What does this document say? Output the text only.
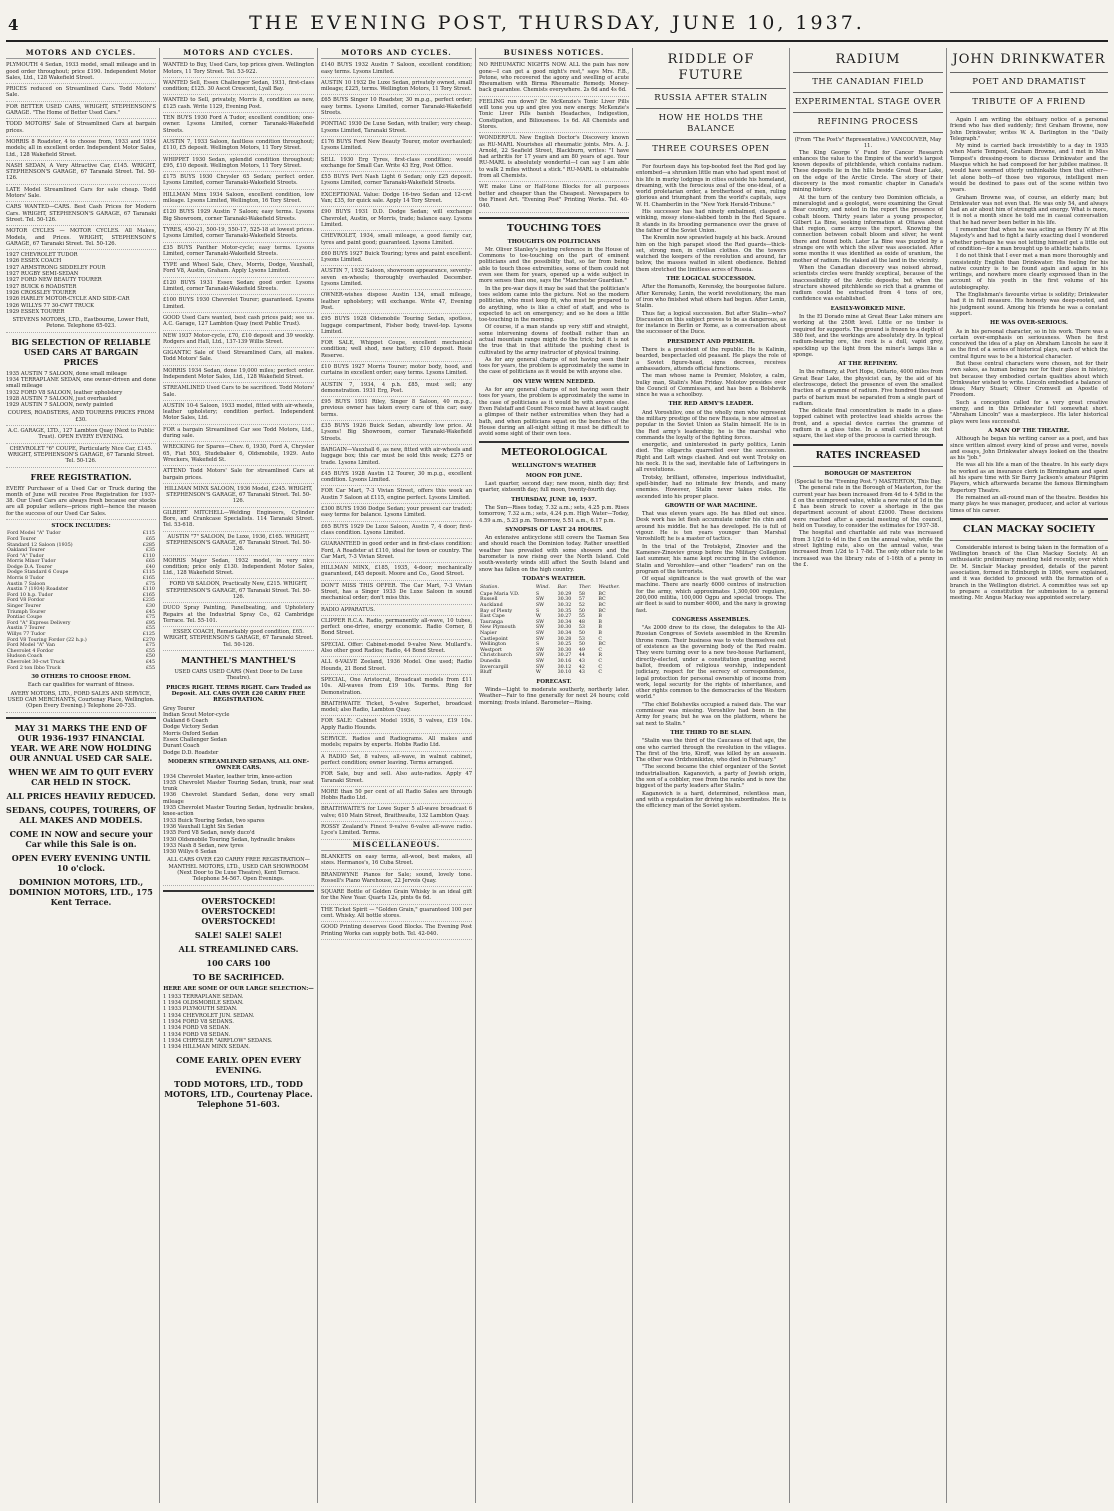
4	THE EVENING POST, THURSDAY, JUNE 10, 1937.
MOTORS AND CYCLES.
PLYMOUTH 4 Sedan, 1933 model, small mileage and in good order throughout; price £190. Independent Motor Sales, Ltd., 128 Wakefield Street.
PRICES reduced on Streamlined Cars. Todd Motors' Sale.
FOR BETTER USED CARS, WRIGHT, STEPHENSON'S GARAGE. "The Home of Better Used Cars."
TODD MOTORS' Sale of Streamlined Cars at bargain prices.
MORRIS 8 Roadster, 4 to choose from, 1933 and 1934 models; all in excellent order. Independent Motor Sales, Ltd., 128 Wakefield Street.
NASH SEDAN, A Very Attractive Car, £145. WRIGHT, STEPHENSON'S GARAGE, 67 Taranaki Street. Tel. 50-126.
LATE Model Streamlined Cars for sale cheap. Todd Motors' Sale.
CARS WANTED—CARS. Best Cash Prices for Modern Cars. WRIGHT, STEPHENSON'S GARAGE, 67 Taranaki Street. Tel. 50-126.
MOTOR CYCLES — MOTOR CYCLES. All Makes, Models, and Prices. WRIGHT, STEPHENSON'S GARAGE, 67 Taranaki Street. Tel. 50-126.
1927 CHEVROLET TUDOR
1926 ESSEX COACH
1927 ARMSTRONG SIDDELEY FOUR
1927 RUGBY SEMI-SEDAN
1927 FORD NEW BEAUTY TOURER
1927 BUICK 6 ROADSTER
1926 CROSSLEY TOURER
1926 HARLEY MOTOR-CYCLE AND SIDE-CAR
1926 WILLYS 77 30-CWT TRUCK
1929 ESSEX TOURER
STEVENS MOTORS, LTD., Eastbourne, Lower Hutt, Petone. Telephone 65-023.
BIG SELECTION OF RELIABLE USED CARS AT BARGAIN PRICES
1935 AUSTIN 7 SALOON, done small mileage
1934 TERRAPLANE SEDAN, one owner-driven and done small mileage
1932 FORD V8 SALOON, leather upholstery
1928 AUSTIN 7 SALOON, just overhauled
1929 AUSTIN 7 SALOON, newly painted
COUPES, ROADSTERS, AND TOURERS PRICES FROM £30.
A.C. GARAGE, LTD., 127 Lambton Quay (Next to Public Trust). OPEN EVERY EVENING.
CHEVROLET "6" COUPE, Particularly Nice Car, £145. WRIGHT, STEPHENSON'S GARAGE, 67 Taranki Street. Tel. 50-126.
FREE REGISTRATION.
EVERY Purchaser of a Used Car or Truck during the month of June will receive Free Registration for 1937-38. Our Used Cars are always fresh because our stocks are all popular sellers—prices right—hence the reason for the success of our Used Car Sales.
STOCK INCLUDES:
Ford Model "A" Tudor	£115
Ford Tourer	£65
Standard 12 Saloon (1935)	£285
Oakland Tourer	£35
Ford "A" Tudor	£110
Morris Minor Tudor	£65
Dodge D.A. Tourer	£40
Dodge Standard 6 Coupe	£115
Morris 8 Tudor	£165
Austin 7 Saloon	£75
Austin 7 (1934) Roadster	£110
Ford 10 h.p. Tudor	£165
Ford V8 Fordor	£235
Singer Tourer	£30
Triumph Tourer	£45
Pontiac Coupe	£75
Ford "A" Express Delivery	£95
Austin 7 Tourer	£55
Willys 77 Tudor	£125
Ford V8 Touring Fordor (22 h.p.)	£270
Ford Model "A" Van	£75
Chevrolet 4 Fordor	£55
Hudson Coach	£50
Chevrolet 30-cwt Truck	£45
Ford 2 ton Ibbo Truck	£55
30 OTHERS TO CHOOSE FROM.
Each car qualifies for warrant of fitness.
AVERY MOTORS, LTD., FORD SALES AND SERVICE, USED CAR MERCHANTS, Courtenay Place, Wellington. (Open Every Evening.) Telephone 20-735.
MAY 31 MARKS THE END OF OUR 1936-1937 FINANCIAL YEAR. WE ARE NOW HOLDING OUR ANNUAL USED CAR SALE.
WHEN WE AIM TO QUIT EVERY CAR HELD IN STOCK.
ALL PRICES HEAVILY REDUCED.
SEDANS, COUPES, TOURERS, OF ALL MAKES AND MODELS.
COME IN NOW and secure your Car while this Sale is on.
OPEN EVERY EVENING UNTIL 10 o'clock.
DOMINION MOTORS, LTD., DOMINION MOTORS, LTD., 175 Kent Terrace.
MOTORS AND CYCLES.
WANTED to Buy, Used Cars, top prices given. Wellington Motors, 11 Tory Street. Tel. 53-922.
WANTED Sell, Essex Challenger Sedan, 1931, first-class condition; £125. 30 Ascot Crescent, Lyall Bay.
WANTED to Sell, privately, Morris 8, condition as new, £125 cash. Write 1129, Evening Post.
TEN BUYS 1930 Ford A Tudor, excellent condition; one-owner. Lysons Limited, corner Taranaki-Wakefield Streets.
AUSTIN 7, 1933 Saloon, faultless condition throughout; £110, £5 deposit. Wellington Motors, 11 Tory Street.
WHIPPET 1930 Sedan, splendid condition throughout; £95, £10 deposit. Wellington Motors, 11 Tory Street.
£175 BUYS 1930 Chrysler 65 Sedan; perfect order. Lysons Limited, corner Taranaki-Wakefield Streets.
HILLMAN Minx 1934 Saloon, excellent condition, low mileage. Lysons Limited, Wellington, 16 Tory Street.
£120 BUYS 1929 Austin 7 Saloon; easy terms. Lysons Big Showroom, corner Taranaki-Wakefield Streets.
TYRES, 450-21, 500-19, 550-17, 525-18 at lowest prices. Lysons Limited, corner Taranaki-Wakefield Streets.
£35 BUYS Panther Motor-cycle; easy terms. Lysons Limited, corner Taranaki-Wakefield Streets.
TYPE and Wheel Sale, Chev., Morris, Dodge, Vauxhall, Ford V8, Austin, Graham. Apply Lysons Limited.
£120 BUYS 1931 Essex Sedan; good order. Lysons Limited, corner Taranaki-Wakefield Streets.
£100 BUYS 1930 Chevrolet Tourer; guaranteed. Lysons Limited.
GOOD Used Cars wanted, best cash prices paid; see us. A.C. Garage, 127 Lambton Quay (next Public Trust).
NEW 1937 Motor-cycle, £70, £10 deposit and 39 weekly. Rodgers and Hall, Ltd., 137-139 Willis Street.
GIGANTIC Sale of Used Streamlined Cars, all makes. Todd Motors' Sale.
MORRIS 1934 Sedan, done 19,000 miles; perfect order. Independent Motor Sales, Ltd., 128 Wakefield Street.
STREAMLINED Used Cars to be sacrificed. Todd Motors' Sale.
AUSTIN 10-4 Saloon, 1933 model, fitted with air-wheels, leather upholstery; condition perfect. Independent Motor Sales, Ltd.
FOR a bargain Streamlined Car see Todd Motors, Ltd., during sale.
WRECKING for Spares—Chev. 6, 1930, Ford A, Chrysler 65, Fiat 503, Studebaker 6, Oldsmobile, 1929. Auto Wreckers, Wakefield St.
ATTEND Todd Motors' Sale for streamlined Cars at bargain prices.
HILLMAN MINX SALOON, 1936 Model, £245. WRIGHT, STEPHENSON'S GARAGE, 67 Taranaki Street. Tel. 50-126.
GILBERT MITCHELL—Welding Engineers, Cylinder Bore, and Crankcase Specialists. 114 Taranaki Street. Tel. 53-618.
AUSTIN "7" SALOON, De Luxe, 1936, £165. WRIGHT, STEPHENSON'S GARAGE, 67 Taranaki Street. Tel. 50-126.
MORRIS Major Sedan, 1932 model, in very nice condition; price only £130. Independent Motor Sales, Ltd., 128 Wakefield Street.
FORD V8 SALOON, Practically New, £215. WRIGHT, STEPHENSON'S GARAGE, 67 Taranaki Street. Tel. 50-126.
DUCO Spray Painting, Panelbeating, and Upholstery Repairs at the Industrial Spray Co., 62 Cambridge Terrace. Tel. 55-101.
ESSEX COACH, Remarkably good condition, £65. WRIGHT, STEPHENSON'S GARAGE, 67 Taranaki Street. Tel. 50-126.
MANTHEL'S MANTHEL'S
USED CARS USED CARS (Next Door to De Luxe Theatre).
PRICES RIGHT. TERMS RIGHT. Cars Traded as Deposit. ALL CARS OVER £20 CARRY FREE REGISTRATION.
Grey Tourer
Indian Scout Motor-cycle
Oakland 6 Coach
Dodge Victory Sedan
Morris Oxford Sedan
Essex Challenger Sedan
Durant Coach
Dodge D.D. Roadster
MODERN STREAMLINED SEDANS, ALL ONE-OWNER CARS.
1934 Chevrolet Master, leather trim, knee-action
1935 Chevrolet Master Touring Sedan, trunk, rear seat trunk
1936 Chevrolet Standard Sedan, done very small mileage
1935 Chevrolet Master Touring Sedan, hydraulic brakes, knee-action
1933 Buick Touring Sedan, two spares
1936 Vauxhall Light Six Sedan
1935 Ford V8 Sedan, newly duco'd
1930 Oldsmobile Touring Sedan, hydraulic brakes
1933 Nash 8 Sedan, new tyres
1930 Willys 6 Sedan
ALL CARS OVER £20 CARRY FREE REGISTRATION— MANTHEL MOTORS, LTD., USED CAR SHOWROOM (Next Door to De Luxe Theatre), Kent Terrace. Telephone 54-567. Open Evenings.
OVERSTOCKED! OVERSTOCKED! OVERSTOCKED!
SALE! SALE! SALE!
ALL STREAMLINED CARS.
100 CARS 100
TO BE SACRIFICED.
HERE ARE SOME OF OUR LARGE SELECTION:—
1 1933 TERRAPLANE SEDAN.
1 1934 OLDSMOBILE SEDAN.
1 1933 PLYMOUTH SEDAN.
1 1934 CHEVROLET JUN. SEDAN.
1 1934 FORD V8 SEDANS.
1 1934 FORD V8 SEDAN.
1 1934 FORD V8 SEDAN.
1 1934 CHRYSLER "AIRFLOW" SEDANS.
1 1934 HILLMAN MINX SEDAN.
COME EARLY. OPEN EVERY EVENING.
TODD MOTORS, LTD., TODD MOTORS, LTD., Courtenay Place. Telephone 51-603.
MOTORS AND CYCLES.
£140 BUYS 1932 Austin 7 Saloon, excellent condition; easy terms. Lysons Limited.
AUSTIN 10 1932 De Luxe Sedan, privately owned, small mileage; £225, terms. Wellington Motors, 11 Tory Street.
£65 BUYS Singer 10 Roadster, 30 m.p.g., perfect order; easy terms. Lysons Limited, corner Taranaki-Wakefield Streets.
PONTIAC 1930 De Luxe Sedan, with trailer; very cheap. Lysons Limited, Taranaki Street.
£176 BUYS Ford New Beauty Tourer, motor overhauled; Lysons Limited.
SELL 1930 Erg Tyres, first-class condition; would exchange for Small Car. Write 43 Erg, Post Office.
£55 BUYS Pert Nash Light 6 Sedan; only £25 deposit. Lysons Limited, corner Taranaki-Wakefield Streets.
EXCEPTIONAL Value: Dodge 16-two Sedan and 12-cwt Van; £35, for quick sale. Apply 14 Tory Street.
£90 BUYS 1931 D.D. Dodge Sedan; will exchange Chevrolet, Austin, or Morris, trade; balance easy. Lysons Limited.
CHEVROLET, 1934, small mileage, a good family car, tyres and paint good; guaranteed. Lysons Limited.
£60 BUYS 1927 Buick Touring; tyres and paint excellent. Lysons Limited.
AUSTIN 7, 1932 Saloon, showroom appearance, seventy-seven ex-wheels; thoroughly overhauled December. Lysons Limited.
OWNER-wishes dispose Austin 134, small mileage, leather upholstery; will exchange. Write 47, Evening Post.
£95 BUYS 1928 Oldsmobile Touring Sedan, spotless, luggage compartment, Fisher body, travel-top. Lysons Limited.
FOR SALE, Whippet Coupe, excellent mechanical condition; well shod, new battery, £10 deposit. Rosie Reserve.
£10 BUYS 1927 Morris Tourer; motor body, hood, and curtains in excellent order; easy terms. Lysons Limited.
AUSTIN 7, 1934, 4 p.h. £85, must sell; any demonstration. 1931 Erg, Post.
£95 BUYS 1931 Riley, Singer 8 Saloon, 40 m.p.g., previous owner has taken every care of this car; easy terms.
£35 BUYS 1926 Buick Sedan, absurdly low price. At Lysons! Big Showroom, corner Taranaki-Wakefield Streets.
BARGAIN—Vauxhall 6, as new, fitted with air-wheels and luggage box; this car must be sold this week; £275 or trade. Lysons Limited.
£45 BUYS 1928 Austin 12 Tourer, 30 m.p.g., excellent condition. Lysons Limited.
FOR Car Mart, 7-3 Vivian Street, offers this week an Austin 7 Saloon at £115, engine perfect. Lysons Limited.
£300 BUYS 1936 Dodge Sedan; your present car traded; easy terms for balance. Lysons Limited.
£65 BUYS 1929 De Luxe Saloon, Austin 7, 4 door; first-class condition. Lysons Limited.
GUARANTEED in good order and in first-class condition: Ford, A Roadster at £110, ideal for town or country. The Car Mart, 7-3 Vivian Street.
HILLMAN MINX, £185, 1935, 4-door; mechanically guaranteed, £45 deposit. Moore and Co., Good Street.
DON'T MISS THIS OFFER. The Car Mart, 7-3 Vivian Street, has a Singer 1933 De Luxe Saloon in sound mechanical order; don't miss this.
RADIO APPARATUS.
CLIPPER R.C.A. Radio, permanently all-wave, 10 tubes, perfect one-drive, energy economic. Radio Corner, 8 Bond Street.
SPECIAL Offer: Cabinet-model 9-valve New. Mullard's. Also other good Radios; Radio, 44 Bond Street.
ALL 6-VALVE Zeeland, 1936 Model. One used; Radio Hounds, 21 Bond Street.
SPECIAL, One Aristocrat, Broadcast models from £11 10s. All-waves from £19 10s. Terms. Ring for Demonstration.
BRAITHWAITE Ticket, 5-valve Superhet, broadcast model; also Radio, Lambton Quay.
FOR SALE: Cabinet Model 1936, 5 valves, £19 10s. Apply Radio Hounds.
SERVICE. Radios and Radiograms. All makes and models; repairs by experts. Hobbs Radio Ltd.
A RADIO Set, 8 valves, all-wave, in walnut cabinet, perfect condition; owner leaving. Terms arranged.
FOR Sale, buy and sell. Also auto-radios. Apply 47 Taranaki Street.
MORE than 50 per cent of all Radio Sales are through Hobbs Radio Ltd.
BRAITHWAITE'S for Lowe Super 5 all-wave broadcast 6 valve; 610 Main Street, Braithwaite, 132 Lambton Quay.
ROSSY Zealand's Finest 9-valve 6-valve all-wave radio. Lyce's Limited. Terms.
MISCELLANEOUS.
BLANKETS on easy terms, all-wool, best makes, all sizes. Hermanos's, 16 Cuba Street.
BRANDWYNE Pianos for Sale; sound, lovely tone. Rossell's Piano Warehouse, 22 Jervois Quay.
SQUARE Bottle of Golden Grain Whisky is an ideal gift for the New Year. Quarts 12s, pints 6s 6d.
THE Ticket Spirit — "Golden Grain," guaranteed 100 per cent. Whisky. All bottle stores.
GOOD Printing deserves Good Blocks. The Evening Post Printing Works can supply both. Tel. 42-040.
BUSINESS NOTICES.
NO RHEUMATIC NIGHTS NOW. ALL the pain has now gone—I can get a good night's rest," says Mrs. F.B., Petone, who recovered the agony and swelling of acute Rheumatism with Birma Rheumatic Remedy. Money-back guarantee. Chemists everywhere. 2s 6d and 4s 6d.
FEELING run down? Dr. McKenzie's Tonic Liver Pills will tone you up and give you new energy. McKenzie's Tonic Liver Pills banish Headaches, Indigestion, Constipation, and Biliousness. 1s 6d. All Chemists and Stores.
WONDERFUL New English Doctor's Discovery known as RU-MARL Nourishes all rheumatic joints. Mrs. A. J. Arnold, 22 Seafield Street, Blackburn, writes: "I have had arthritis for 17 years and am 80 years of age. Your RU-MARL is absolutely wonderful—I can say I am able to walk 2 miles without a stick." RU-MARL is obtainable from all Chemists.
WE make Line or Half-tone Blocks for all purposes better and cheaper than the Cheapest. Newspapers to the Finest Art. "Evening Post" Printing Works. Tel. 40-040.
TOUCHING TOES
THOUGHTS ON POLITICIANS

Mr. Oliver Stanley's jesting reference in the House of Commons to toe-touching on the part of eminent politicians and the possibility that, so far from being able to touch those extremities, some of them could not even see them for years, opened up a wide subject in more senses than one, says the "Manchester Guardian."

In the pre-war days it may be said that the politician's toes seldom came into the picture. Not so the modern politician, who must keep fit, who must be prepared to do anything, who is like a chief of staff, and who is expected to act on emergency; and so he does a little toe-touching in the morning.

Of course, if a man stands up very stiff and straight, some intervening downs of football rather than an actual mountain range might do the trick; but it is not the true that in that attitude the pushing chest is cultivated by the army instructor of physical training.

As for any general charge of not having seen their toes for years, the problem is approximately the same in the case of politicians as it would be with anyone else.

ON VIEW WHEN NEEDED.

As for any general charge of not having seen their toes for years, the problem is approximately the same in the case of politicians as it would be with anyone else. Even Falstaff and Count Fosco must have at least caught a glimpse of their nether extremities when they had a bath, and when politicians squat on the benches of the House during an all-night sitting it must be difficult to avoid some sight of their own toes.

METEOROLOGICAL
WELLINGTON'S WEATHER
MOON FOR JUNE.

Last quarter, second day; new moon, ninth day; first quarter, sixteenth day; full moon, twenty-fourth day.

THURSDAY, JUNE 10, 1937.

The Sun—Rises today, 7.32 a.m.; sets, 4.25 p.m. Rises tomorrow, 7.32 a.m.; sets, 4.24 p.m. High Water—Today, 4.59 a.m., 5.23 p.m. Tomorrow, 5.51 a.m., 6.17 p.m.

SYNOPSIS OF LAST 24 HOURS.

An extensive anticyclone still covers the Tasman Sea and should reach the Dominion today. Rather unsettled weather has prevailed with some showers and the barometer is now rising over the North Island. Cold south-westerly winds still affect the South Island and snow has fallen on the high country.

TODAY'S WEATHER.
Station.	Wind.	Bar.	Ther.	Weather.
Cape Maria V.D.	S	30.29	58	BC
Russell	SW	30.30	57	BC
Auckland	SW	30.32	52	BC
Bay of Plenty	S	30.35	50	BC
East Cape	W	30.27	55	B
Tauranga	SW	30.34	48	B
New Plymouth	SW	30.30	53	B
Napier	SW	30.34	50	B
Castlepoint	SW	30.28	53	C
Wellington	S	30.25	50	BC
Westport	SW	30.30	49	C
Christchurch	SW	30.27	44	R
Dunedin	SW	30.16	43	C
Invercargill	SW	30.12	42	C
Bluff	W	30.10	43	C
FORECAST.

Winds—Light to moderate southerly, northerly later. Weather—Fair to fine generally for next 24 hours; cold morning; frosts inland. Barometer—Rising.

RIDDLE OF FUTURE
RUSSIA AFTER STALIN
HOW HE HOLDS THE BALANCE
THREE COURSES OPEN

For fourteen days his top-booted feet the Red god lay entombed—a shrunken little man who had spent most of his life in murky lodgings in cities outside his homeland, dreaming, with the ferocious zeal of the one-ideal, of a world proletarian order, a brotherhood of men, ruling glorious and triumphant from the world's capitals, says W. H. Chamberlin in the "New York Herald-Tribune."

His successor has had ninety embalmed, clasped a winking, mossy stone-slabbed tomb in the Red Square. It stands in its brooding permanence over the grave of the father of the Soviet Union.

The Kremlin now sprawled hugely at his back. Around him on the high parapet stood the Red guards—thick-set, strong men, in civilian clothes. On the towers watched the keepers of the revolution and around, far below, the masses waited in silent obedience. Behind them stretched the limitless acres of Russia.

THE LOGICAL SUCCESSION.

After the Romanoffs, Kerensky, the bourgeoise failure. After Kerensky, Lenin, the world revolutionary, the man of iron who finished what others had begun. After Lenin, Stalin.

Thus far, a logical succession. But after Stalin—who? Discussion on this subject proves to be as dangerous, as for instance in Berlin or Rome, as a conversation about the successor of the Duce.

PRESIDENT AND PREMIER.

There is a president of the republic. He is Kalinin, bearded, bespectacled old peasant. He plays the role of a Soviet figure-head, signs decrees, receives ambassadors, attends official functions.

The man whose name is Premier, Molotov, a calm, bulky man, Stalin's Man Friday. Molotov presides over the Council of Commissars, and has been a Bolshevik since he was a schoolboy.

THE RED ARMY'S LEADER.

And Voroshilov, one of the wholly men who represent the military prestige of the new Russia, is now almost as popular in the Soviet Union as Stalin himself. He is in the Red army's leadership; he is the marshal who commands the loyalty of the fighting forces.

energetic, and uninterested in party politics, Lenin died. The oligarchs quarrelled over the succession. Right and Left wings clashed. And out went Trotsky on his neck. It is the sad, inevitable fate of Leftwingers in all revolutions.

Trotsky, brilliant, offensive, imperious individualist, spell-binder, had no intimate few friends, and many enemies. However, Stalin never takes risks. He ascended into his proper place.

GROWTH OF WAR MACHINE.

That was eleven years ago. He has filled out since. Desk work has let flesh accumulate under his chin and around his middle. But he has developed. He is full of vigour. He is ten years younger than Marshal Voroshiloff; he is a master of tactics.

In the trial of the Trotskyist, Zinoviev and the Kamenev-Zinoviev group before the Military Collegium last summer, his name kept recurring in the evidence. Stalin and Voroshilov—and other "leaders" ran on the program of the terrorists.

Of equal significance is the vast growth of the war machine. There are nearly 6000 centres of instruction for the army, which approximates 1,300,000 regulars, 200,000 militia, 100,000 Ogpu and special troops. The air fleet is said to number 4000, and the navy is growing fast.

CONGRESS ASSEMBLES.

"As 2000 drew to its close, the delegates to the All-Russian Congress of Soviets assembled in the Kremlin throne room. Their business was to vote themselves out of existence as the governing body of the Red realm. They were turning over to a new two-house Parliament, directly-elected, under a constitution granting secret ballot, freedom of religious worship, independent judiciary, respect for the secrecy of correspondence, legal protection for personal ownership of income from work, legal security for the rights of inheritance, and other rights common to the democracies of the Western world."

"The chief Bolsheviks occupied a raised dais. The war commissar was missing. Voroshilov had been in the Army for years; but he was on the platform, where he sat next to Stalin."

THE THIRD TO BE SLAIN.

"Stalin was the third of the Caucasus of that age, the one who carried through the revolution in the villages. The first of the trio, Kiroff, was killed by an assassin. The other was Ordzhonikidze, who died in February."

"The second became the chief organizer of the Soviet industrialisation. Kaganovich, a party of Jewish origin, the son of a cobbler, rose from the ranks and is now the biggest of the party leaders after Stalin."

Kaganovich is a hard, determined, relentless man, and with a reputation for driving his subordinates. He is the efficiency man of the Soviet system.

JOHN DRINKWATER
POET AND DRAMATIST
TRIBUTE OF A FRIEND

Again I am writing the obituary notice of a personal friend who has died suddenly; first Graham Browne, now John Drinkwater, writes W. A. Darlington in the "Daily Telegraph."

My mind is carried back irresistibly to a day in 1935 when Marie Tempest, Graham Browne, and I met in Miss Tempest's dressing-room to discuss Drinkwater and the Masque which he had composed for her jubilee matinee. It would have seemed utterly unthinkable then that either—let alone both—of those two vigorous, intelligent men would be destined to pass out of the scene within two years.

Graham Browne was, of course, an elderly man; but Drinkwater was not even that. He was only 54, and always had an air about him of strength and energy. What is more, it is not a month since he told me in casual conversation that he had never been better in his life.

I remember that when he was acting as Henry IV at His Majesty's and had to fight a fairly exacting duel I wondered whether perhaps he was not letting himself get a little out of condition—for a man brought up to athletic habits.

I do not think that I ever met a man more thoroughly and consistently English than Drinkwater. His feeling for his native country is to be found again and again in his writings, and nowhere more clearly expressed than in the account of his youth in the first volume of his autobiography.

The Englishman's favourite virtue is solidity; Drinkwater had it in full measure. His honesty was deep-rooted, and his judgment sound. Among his friends he was a constant support.

HE WAS OVER-SERIOUS.

As in his personal character, so in his work. There was a certain over-emphasis on seriousness. When he first conceived the idea of a play on Abraham Lincoln he saw it as the first of a series of historical plays, each of which the central figure was to be a historical character.

But these central characters were chosen, not for their own sakes, as human beings nor for their place in history, but because they embodied certain qualities about which Drinkwater wished to write. Lincoln embodied a balance of ideas; Mary Stuart; Oliver Cromwell an Apostle of Freedom.

Such a conception called for a very great creative energy, and in this Drinkwater fell somewhat short. "Abraham Lincoln" was a masterpiece. His later historical plays were less successful.

A MAN OF THE THEATRE.

Although he began his writing career as a poet, and has since written almost every kind of prose and verse, novels and essays, John Drinkwater always looked on the theatre as his "job."

He was all his life a man of the theatre. In his early days he worked as an insurance clerk in Birmingham and spent all his spare time with Sir Barry Jackson's amateur Pilgrim Players, which afterwards became the famous Birmingham Repertory Theatre.

He remained an all-round man of the theatre. Besides his many plays he was manager, producer, and actor at various times of his career.

CLAN MACKAY SOCIETY

Considerable interest is being taken in the formation of a Wellington branch of the Clan Mackay Society. At an enthusiastic preliminary meeting held recently, over which Dr. M. Sinclair Mackay presided, details of the parent association, formed in Edinburgh in 1806, were explained, and it was decided to proceed with the formation of a branch in the Wellington district. A committee was set up to prepare a constitution for submission to a general meeting. Mr. Angus Mackay was appointed secretary.

RADIUM
THE CANADIAN FIELD
EXPERIMENTAL STAGE OVER
REFINING PROCESS
(From "The Post's" Representative.) VANCOUVER, May 11.

The King George V Fund for Cancer Research enhances the value to the Empire of the world's largest known deposits of pitchblende, which contains radium. These deposits lie in the hills beside Great Bear Lake, on the edge of the Arctic Circle. The story of their discovery is the most romantic chapter in Canada's mining history.

At the turn of the century two Dominion officials, a mineralogist and a geologist, were examining the Great Bear country, and noted in the report the presence of cobalt bloom. Thirty years later a young prospector, Gilbert La Bine, seeking information at Ottawa about that region, came across the report. Knowing the connection between cobalt bloom and silver, he went there and found both. Later La Bine was puzzled by a strange ore with which the silver was associated. After some months it was identified as oxide of uranium, the mother of radium. He staked all the land in the vicinity.

When the Canadian discovery was noised abroad, scientists circles were frankly sceptical, because of the inaccessibility of the Arctic deposits; but when the structure showed pitchblende so rich that a gramme of radium could be extracted from 4 tons of ore, confidence was established.

EASILY-WORKED MINE.

In the El Dorado mine at Great Bear Lake miners are working at the 250ft level. Little or no timber is required for supports. The ground is frozen to a depth of 380 feet, and the workings are absolutely dry. In typical radium-bearing ore, the rock is a dull, vapid grey, speckling up the light from the miner's lamps like a sponge.

AT THE REFINERY.

In the refinery, at Port Hope, Ontario, 4000 miles from Great Bear Lake, the physicist can, by the aid of his electroscope, detect the presence of even the smallest fraction of a gramme of radium. Five hundred thousand parts of barium must be separated from a single part of radium.

The delicate final concentration is made in a glass-topped cabinet with protective lead shields across the front, and a special device carries the gramme of radium in a glass tube. In a small cubicle six feet square, the last step of the process is carried through.

RATES INCREASED
BOROUGH OF MASTERTON
(Special to the "Evening Post.") MASTERTON, This Day.

The general rate in the Borough of Masterton, for the current year has been increased from 4d to 4 5/8d in the £ on the unimproved value, while a new rate of 1d in the £ has been struck to cover a shortage in the gas department account of about £2000. These decisions were reached after a special meeting of the council, held on Tuesday, to consider the estimates for 1937-38.

The hospital and charitable aid rate was increased from 3 1/2d to 4d in the £ on the annual value, while the street lighting rate, also on the annual value, was increased from 1/2d to 1 7-8d. The only other rate to be increased was the library rate of 1-16th of a penny in the £.
